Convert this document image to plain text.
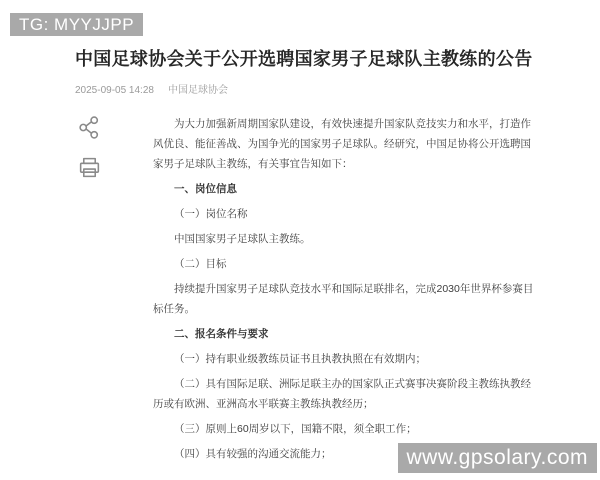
TG: MYYJJPP
中国足球协会关于公开选聘国家男子足球队主教练的公告
2025-09-05 14:28 中国足球协会

为大力加强新周期国家队建设，有效快速提升国家队竞技实力和水平，打造作风优良、能征善战、为国争光的国家男子足球队。经研究，中国足协将公开选聘国家男子足球队主教练，有关事宜告知如下：

一、岗位信息

（一）岗位名称

中国国家男子足球队主教练。

（二）目标

持续提升国家男子足球队竞技水平和国际足联排名，完成2030年世界杯参赛目标任务。

二、报名条件与要求

（一）持有职业级教练员证书且执教执照在有效期内；

（二）具有国际足联、洲际足联主办的国家队正式赛事决赛阶段主教练执教经历或有欧洲、亚洲高水平联赛主教练执教经历；

（三）原则上60周岁以下，国籍不限，须全职工作；

（四）具有较强的沟通交流能力；	www.gpsolary.com
